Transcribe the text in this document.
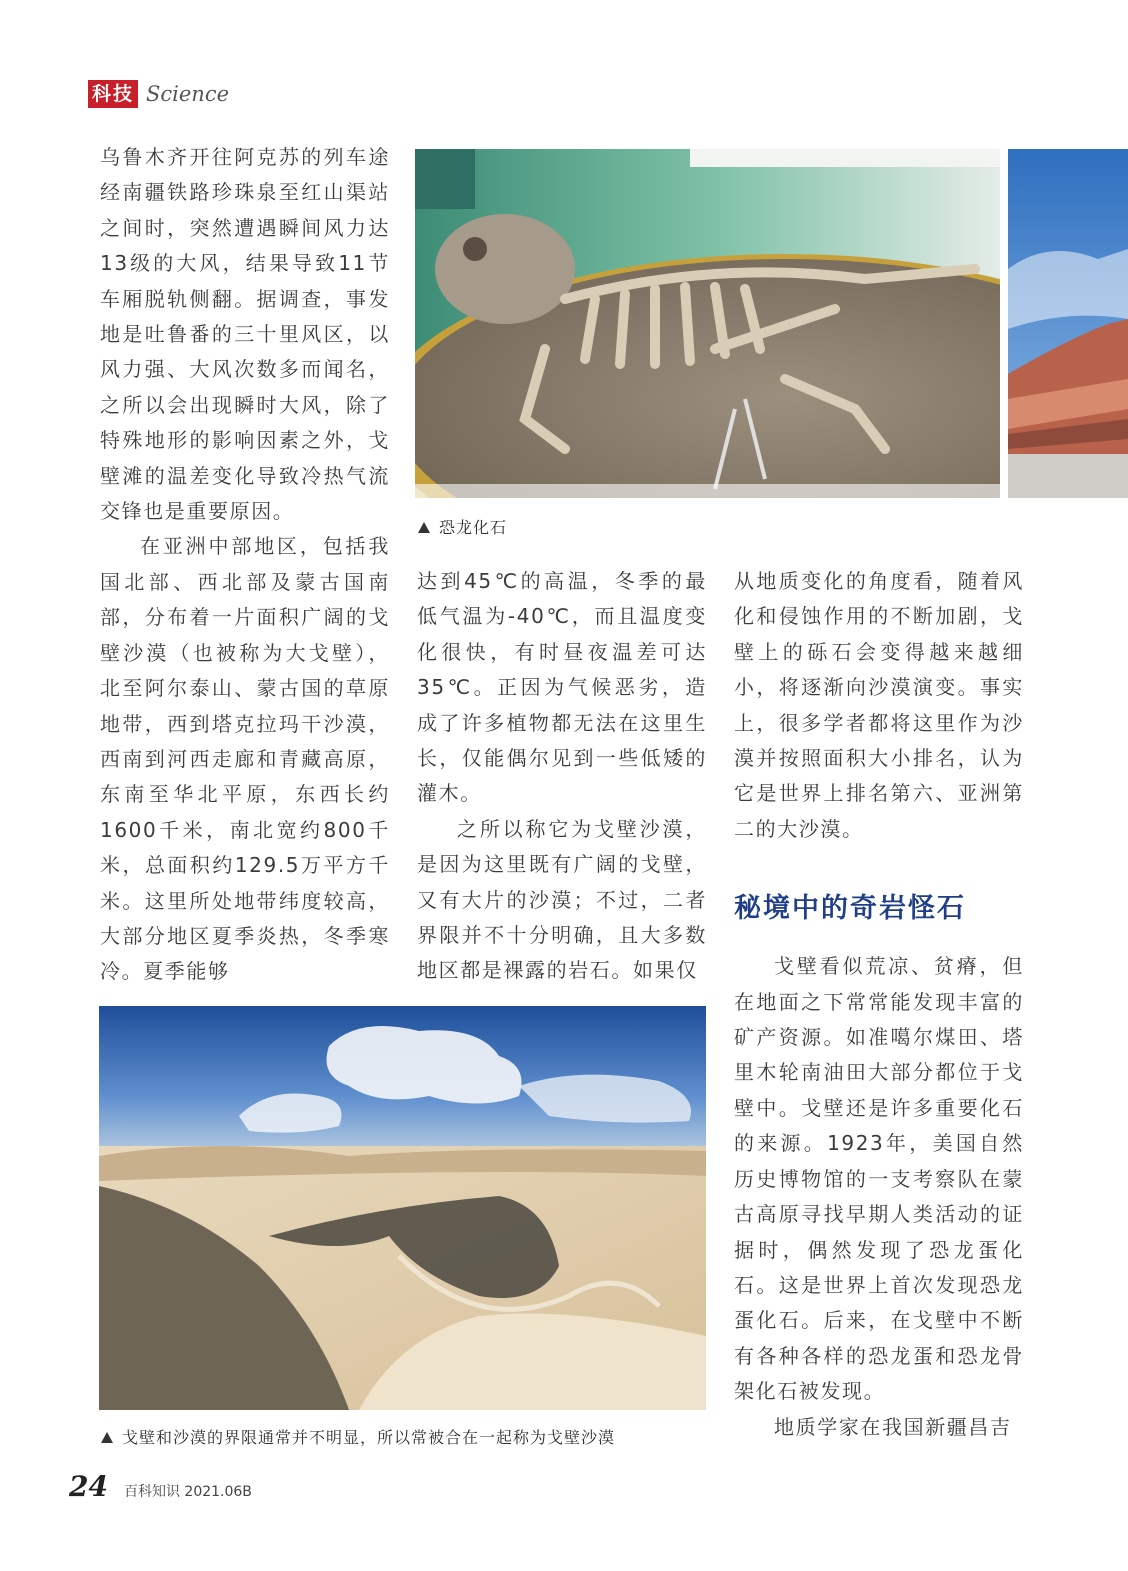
科技 Science

乌鲁木齐开往阿克苏的列车途经南疆铁路珍珠泉至红山渠站之间时，突然遭遇瞬间风力达13级的大风，结果导致11节车厢脱轨侧翻。据调查，事发地是吐鲁番的三十里风区，以风力强、大风次数多而闻名，之所以会出现瞬时大风，除了特殊地形的影响因素之外，戈壁滩的温差变化导致冷热气流交锋也是重要原因。

在亚洲中部地区，包括我国北部、西北部及蒙古国南部，分布着一片面积广阔的戈壁沙漠（也被称为大戈壁），北至阿尔泰山、蒙古国的草原地带，西到塔克拉玛干沙漠，西南到河西走廊和青藏高原，东南至华北平原，东西长约1600千米，南北宽约800千米，总面积约129.5万平方千米。这里所处地带纬度较高，大部分地区夏季炎热，冬季寒冷。夏季能够

恐龙化石

达到45℃的高温，冬季的最低气温为-40℃，而且温度变化很快，有时昼夜温差可达35℃。正因为气候恶劣，造成了许多植物都无法在这里生长，仅能偶尔见到一些低矮的灌木。

之所以称它为戈壁沙漠，是因为这里既有广阔的戈壁，又有大片的沙漠；不过，二者界限并不十分明确，且大多数地区都是裸露的岩石。如果仅

从地质变化的角度看，随着风化和侵蚀作用的不断加剧，戈壁上的砾石会变得越来越细小，将逐渐向沙漠演变。事实上，很多学者都将这里作为沙漠并按照面积大小排名，认为它是世界上排名第六、亚洲第二的大沙漠。

秘境中的奇岩怪石

戈壁看似荒凉、贫瘠，但在地面之下常常能发现丰富的矿产资源。如准噶尔煤田、塔里木轮南油田大部分都位于戈壁中。戈壁还是许多重要化石的来源。1923年，美国自然历史博物馆的一支考察队在蒙古高原寻找早期人类活动的证据时，偶然发现了恐龙蛋化石。这是世界上首次发现恐龙蛋化石。后来，在戈壁中不断有各种各样的恐龙蛋和恐龙骨架化石被发现。

地质学家在我国新疆昌吉

戈壁和沙漠的界限通常并不明显，所以常被合在一起称为戈壁沙漠
24 百科知识 2021.06B
